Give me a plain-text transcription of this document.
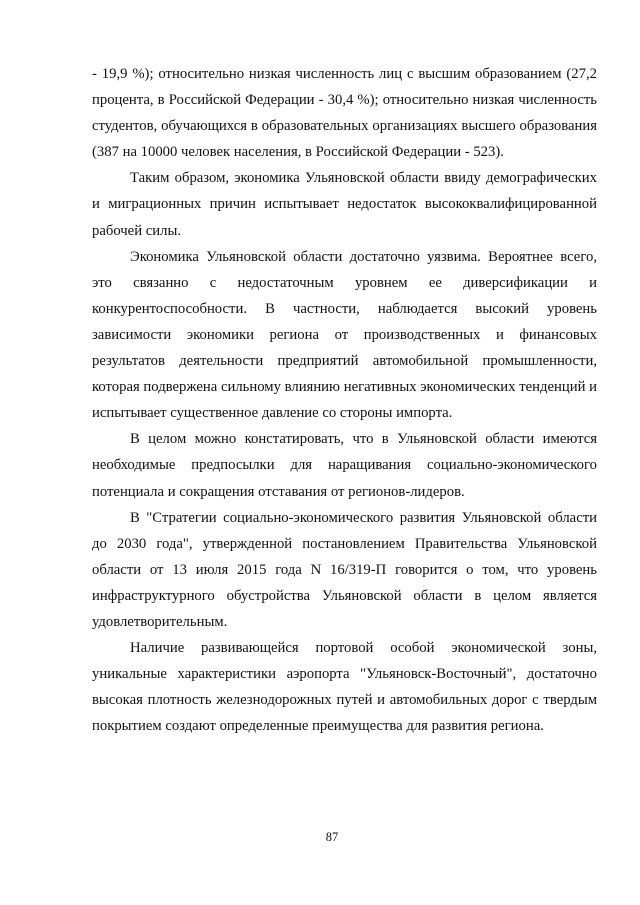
- 19,9 %); относительно низкая численность лиц с высшим образованием (27,2 процента, в Российской Федерации - 30,4 %); относительно низкая численность студентов, обучающихся в образовательных организациях высшего образования (387 на 10000 человек населения, в Российской Федерации - 523).

Таким образом, экономика Ульяновской области ввиду демографических и миграционных причин испытывает недостаток высококвалифицированной рабочей силы.

Экономика Ульяновской области достаточно уязвима. Вероятнее всего, это связанно с недостаточным уровнем ее диверсификации и конкурентоспособности. В частности, наблюдается высокий уровень зависимости экономики региона от производственных и финансовых результатов деятельности предприятий автомобильной промышленности, которая подвержена сильному влиянию негативных экономических тенденций и испытывает существенное давление со стороны импорта.

В целом можно констатировать, что в Ульяновской области имеются необходимые предпосылки для наращивания социально-экономического потенциала и сокращения отставания от регионов-лидеров.

В "Стратегии социально-экономического развития Ульяновской области до 2030 года", утвержденной постановлением Правительства Ульяновской области от 13 июля 2015 года N 16/319-П говорится о том, что уровень инфраструктурного обустройства Ульяновской области в целом является удовлетворительным.

Наличие развивающейся портовой особой экономической зоны, уникальные характеристики аэропорта "Ульяновск-Восточный", достаточно высокая плотность железнодорожных путей и автомобильных дорог с твердым покрытием создают определенные преимущества для развития региона.

87
